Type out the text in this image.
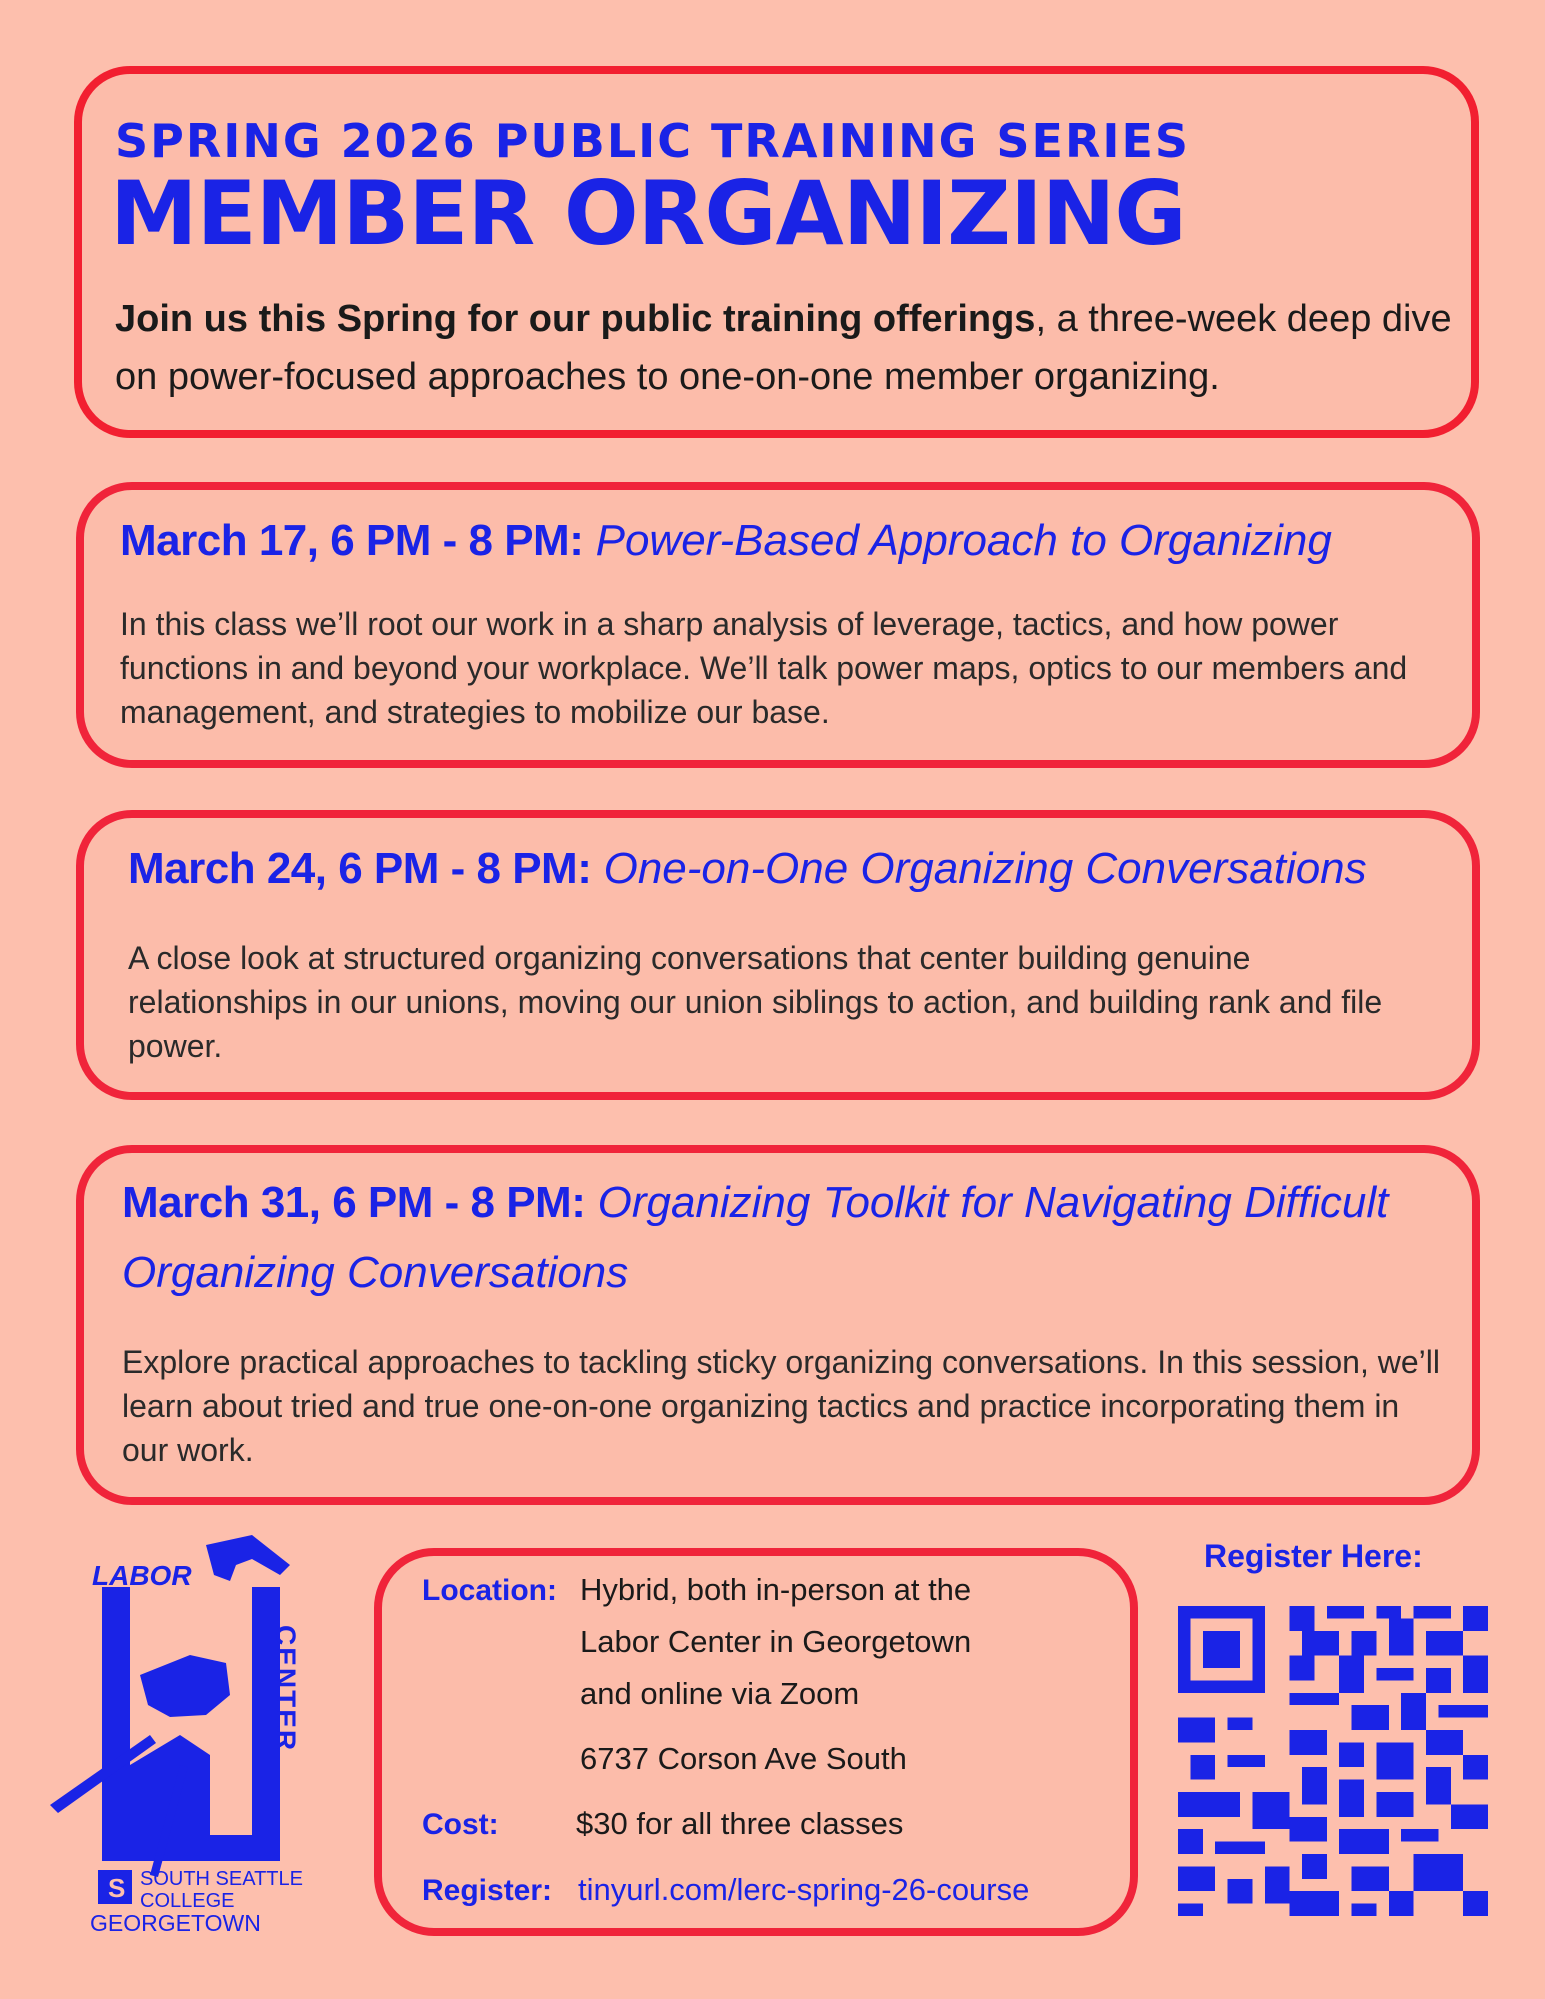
SPRING 2026 PUBLIC TRAINING SERIES
MEMBER ORGANIZING
Join us this Spring for our public training offerings, a three-week deep dive on power-focused approaches to one-on-one member organizing.
March 17, 6 PM - 8 PM: Power-Based Approach to Organizing
In this class we’ll root our work in a sharp analysis of leverage, tactics, and how power functions in and beyond your workplace. We’ll talk power maps, optics to our members and management, and strategies to mobilize our base.
March 24, 6 PM - 8 PM: One-on-One Organizing Conversations
A close look at structured organizing conversations that center building genuine relationships in our unions, moving our union siblings to action, and building rank and file power.
March 31, 6 PM - 8 PM: Organizing Toolkit for Navigating Difficult Organizing Conversations
Explore practical approaches to tackling sticky organizing conversations. In this session, we’ll learn about tried and true one-on-one organizing tactics and practice incorporating them in our work.
Location: Hybrid, both in-person at the
Labor Center in Georgetown
and online via Zoom
6737 Corson Ave South
Cost: $30 for all three classes
Register: tinyurl.com/lerc-spring-26-course
Register Here:
LABOR
CENTER
S SOUTH SEATTLE
COLLEGE
GEORGETOWN
